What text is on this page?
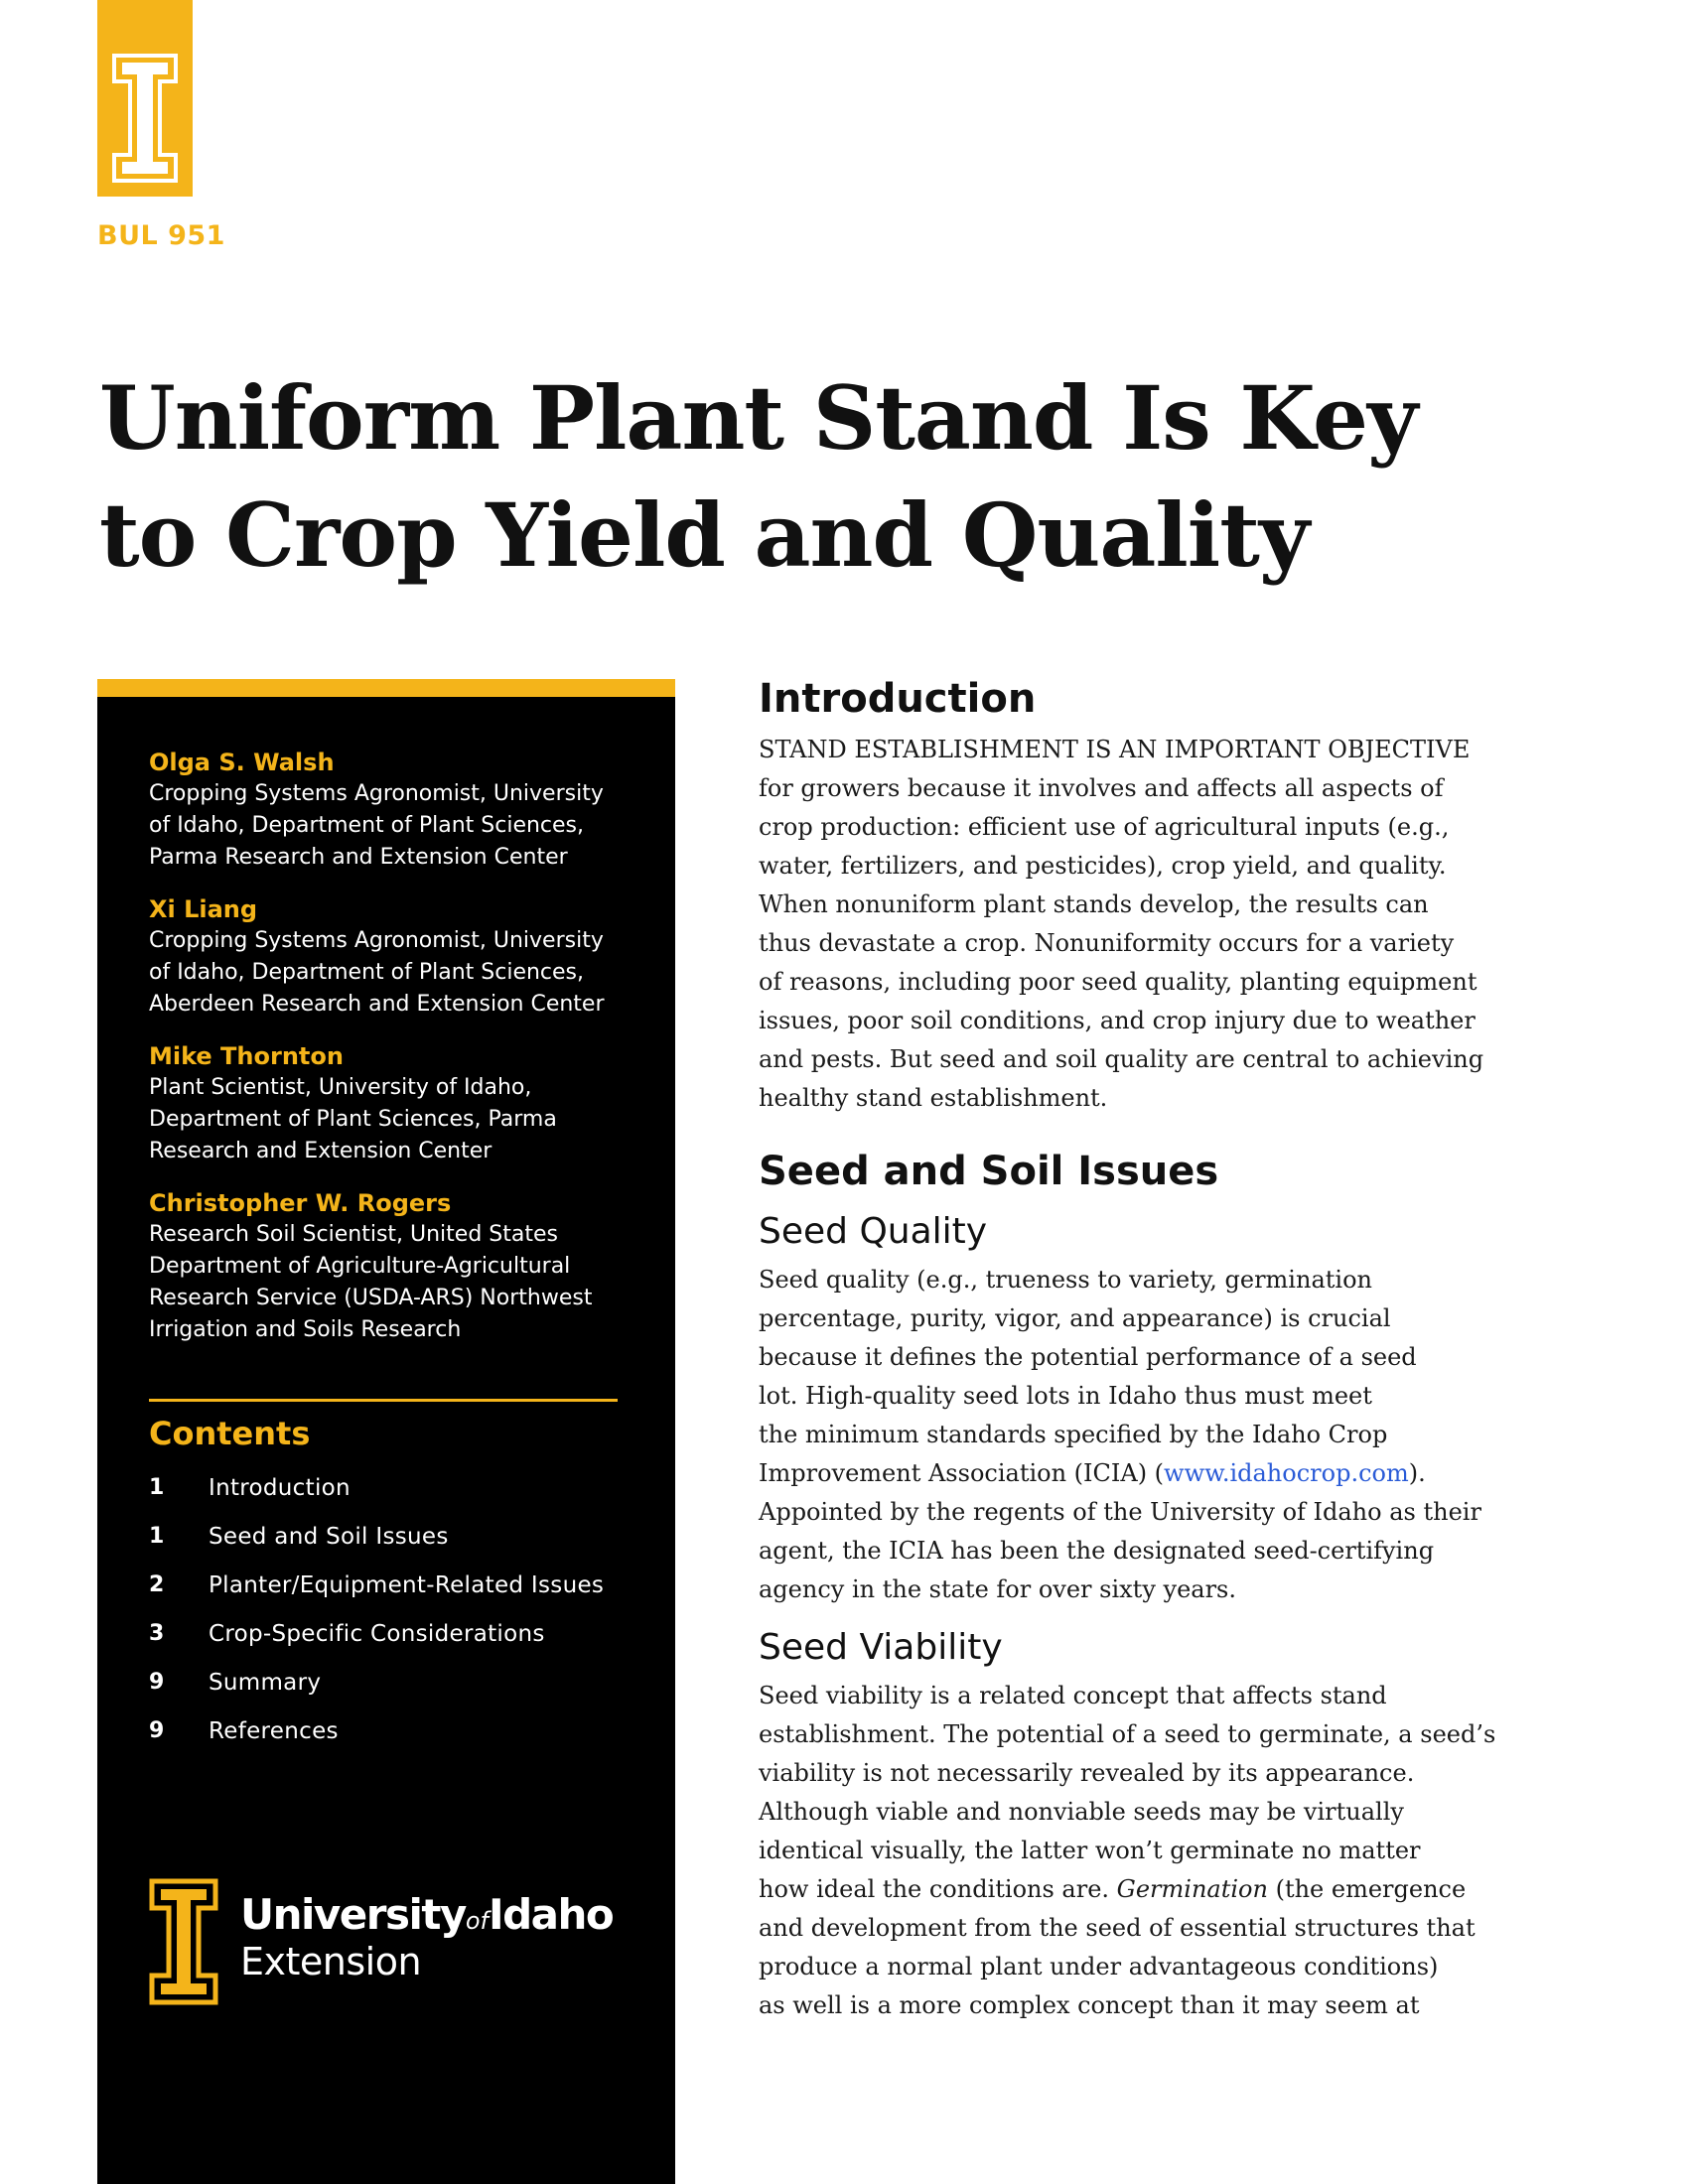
BUL 951
Uniform Plant Stand Is Key
to Crop Yield and Quality
Olga S. Walsh
Cropping Systems Agronomist, University
of Idaho, Department of Plant Sciences,
Parma Research and Extension Center
Xi Liang
Cropping Systems Agronomist, University
of Idaho, Department of Plant Sciences,
Aberdeen Research and Extension Center
Mike Thornton
Plant Scientist, University of Idaho,
Department of Plant Sciences, Parma
Research and Extension Center
Christopher W. Rogers
Research Soil Scientist, United States
Department of Agriculture-Agricultural
Research Service (USDA-ARS) Northwest
Irrigation and Soils Research
Contents
1	Introduction
1	Seed and Soil Issues
2	Planter/Equipment-Related Issues
3	Crop-Specific Considerations
9	Summary
9	References
UniversityofIdaho
Extension
Introduction
STAND ESTABLISHMENT IS AN IMPORTANT OBJECTIVE
for growers because it involves and affects all aspects of
crop production: efficient use of agricultural inputs (e.g.,
water, fertilizers, and pesticides), crop yield, and quality.
When nonuniform plant stands develop, the results can
thus devastate a crop. Nonuniformity occurs for a variety
of reasons, including poor seed quality, planting equipment
issues, poor soil conditions, and crop injury due to weather
and pests. But seed and soil quality are central to achieving
healthy stand establishment.
Seed and Soil Issues
Seed Quality
Seed quality (e.g., trueness to variety, germination
percentage, purity, vigor, and appearance) is crucial
because it defines the potential performance of a seed
lot. High-quality seed lots in Idaho thus must meet
the minimum standards specified by the Idaho Crop
Improvement Association (ICIA) (www.idahocrop.com).
Appointed by the regents of the University of Idaho as their
agent, the ICIA has been the designated seed-certifying
agency in the state for over sixty years.
Seed Viability
Seed viability is a related concept that affects stand
establishment. The potential of a seed to germinate, a seed’s
viability is not necessarily revealed by its appearance.
Although viable and nonviable seeds may be virtually
identical visually, the latter won’t germinate no matter
how ideal the conditions are. Germination (the emergence
and development from the seed of essential structures that
produce a normal plant under advantageous conditions)
as well is a more complex concept than it may seem at
